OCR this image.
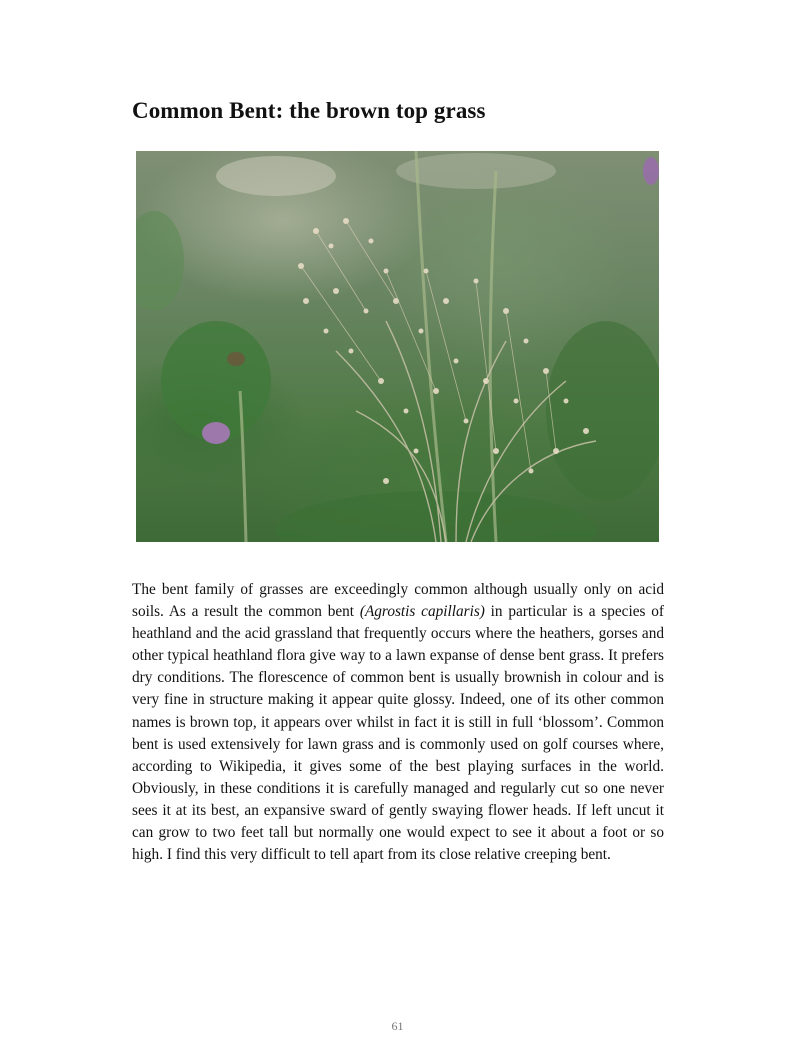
Common Bent: the brown top grass

The bent family of grasses are exceedingly common although usually only on acid soils. As a result the common bent (Agrostis capillaris) in particular is a species of heathland and the acid grassland that frequently occurs where the heathers, gorses and other typical heathland flora give way to a lawn expanse of dense bent grass. It prefers dry conditions. The florescence of common bent is usually brownish in colour and is very fine in structure making it appear quite glossy. Indeed, one of its other common names is brown top, it appears over whilst in fact it is still in full ‘blossom’. Common bent is used extensively for lawn grass and is commonly used on golf courses where, according to Wikipedia, it gives some of the best playing surfaces in the world. Obviously, in these conditions it is carefully managed and regularly cut so one never sees it at its best, an expansive sward of gently swaying flower heads. If left uncut it can grow to two feet tall but normally one would expect to see it about a foot or so high. I find this very difficult to tell apart from its close relative creeping bent.

61
